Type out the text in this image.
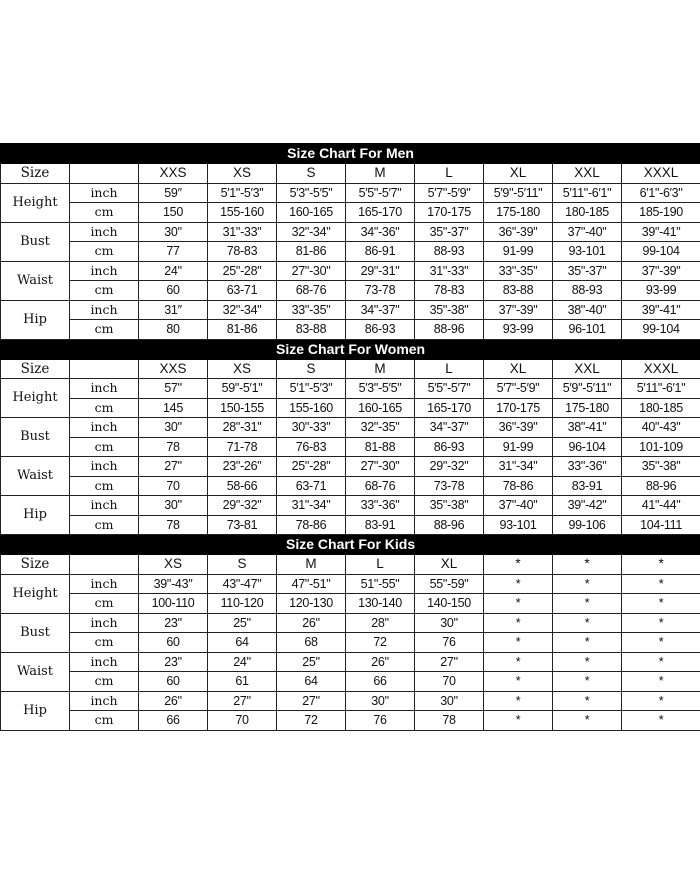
Size Chart For Men									
Size		XXS	XS	S	M	L	XL	XXL	XXXL
Height	inch	59″	5′1"-5′3"	5′3"-5′5"	5′5"-5′7"	5′7"-5′9"	5′9"-5′11"	5′11"-6′1"	6′1"-6′3"
	cm	150	155-160	160-165	165-170	170-175	175-180	180-185	185-190
Bust	inch	30"	31"-33"	32"-34"	34"-36"	35"-37"	36"-39"	37"-40"	39"-41"
	cm	77	78-83	81-86	86-91	88-93	91-99	93-101	99-104
Waist	inch	24"	25"-28"	27"-30"	29"-31"	31"-33"	33"-35"	35"-37"	37"-39"
	cm	60	63-71	68-76	73-78	78-83	83-88	88-93	93-99
Hip	inch	31″	32"-34"	33"-35"	34"-37"	35"-38"	37"-39"	38"-40"	39"-41"
	cm	80	81-86	83-88	86-93	88-96	93-99	96-101	99-104
Size Chart For Women									
Size		XXS	XS	S	M	L	XL	XXL	XXXL
Height	inch	57"	59"-5′1"	5′1"-5′3"	5′3"-5′5"	5′5"-5′7"	5′7"-5′9"	5′9"-5′11"	5′11"-6′1"
	cm	145	150-155	155-160	160-165	165-170	170-175	175-180	180-185
Bust	inch	30"	28"-31"	30"-33"	32"-35"	34"-37"	36"-39"	38"-41"	40"-43"
	cm	78	71-78	76-83	81-88	86-93	91-99	96-104	101-109
Waist	inch	27"	23"-26"	25"-28"	27"-30"	29"-32"	31"-34"	33"-36"	35"-38"
	cm	70	58-66	63-71	68-76	73-78	78-86	83-91	88-96
Hip	inch	30"	29"-32"	31"-34"	33"-36"	35"-38"	37"-40"	39"-42"	41"-44"
	cm	78	73-81	78-86	83-91	88-96	93-101	99-106	104-111
Size Chart For Kids									
Size		XS	S	M	L	XL	*	*	*
Height	inch	39"-43″	43"-47"	47"-51"	51"-55"	55"-59"	*	*	*
	cm	100-110	110-120	120-130	130-140	140-150	*	*	*
Bust	inch	23"	25"	26"	28"	30"	*	*	*
	cm	60	64	68	72	76	*	*	*
Waist	inch	23"	24"	25"	26"	27"	*	*	*
	cm	60	61	64	66	70	*	*	*
Hip	inch	26"	27"	27"	30"	30"	*	*	*
	cm	66	70	72	76	78	*	*	*
